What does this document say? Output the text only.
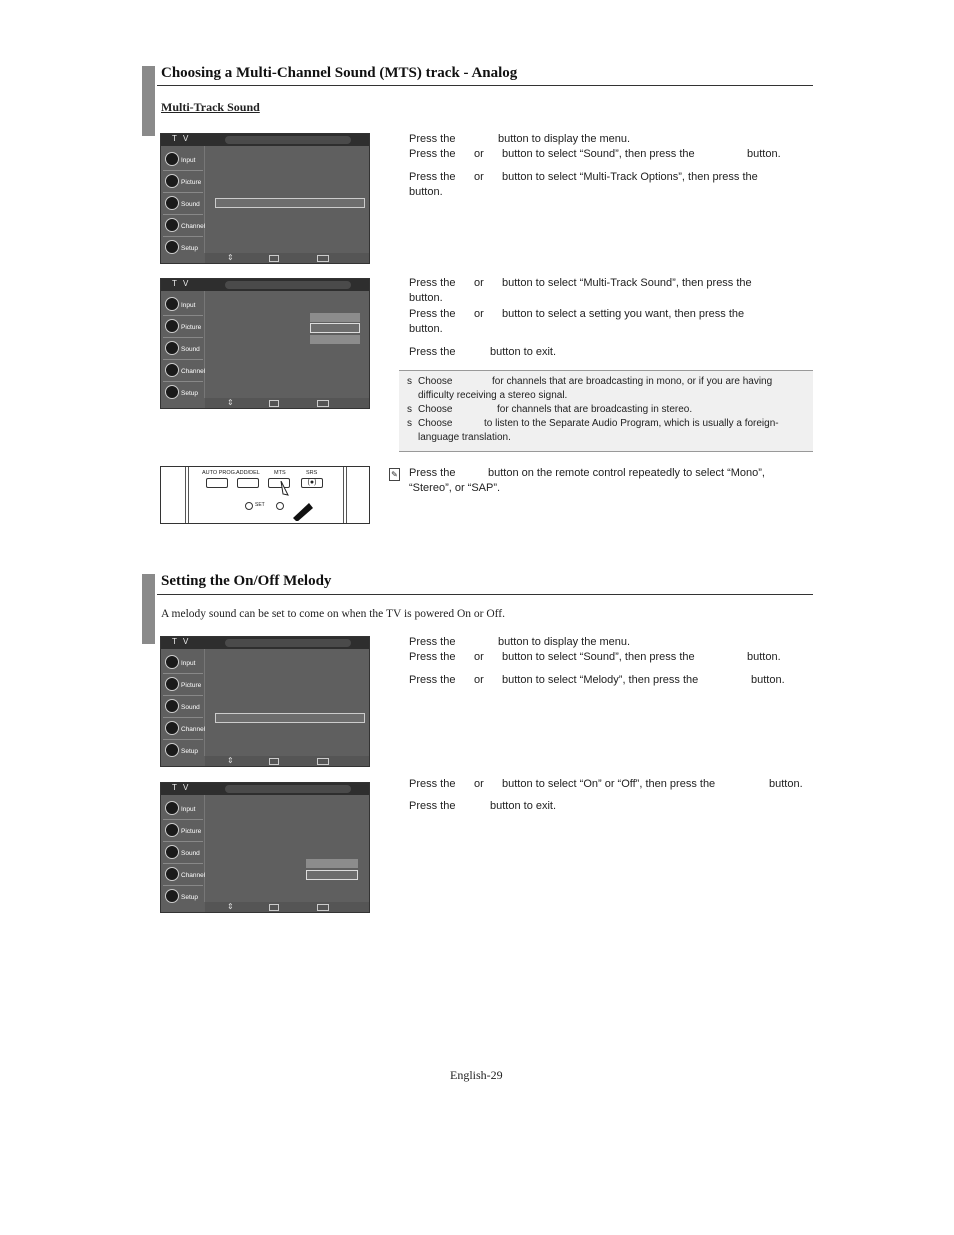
Choosing a Multi-Channel Sound (MTS) track - Analog
Multi-Track Sound
T V
Input
Picture
Sound
Channel
Setup
⇕
Press the	button to display the menu.
Press the or button to select “Sound”, then press the	button.
Press the or button to select “Multi-Track Options”, then press the
button.
T V
Input
Picture
Sound
Channel
Setup
⇕
Press the or button to select “Multi-Track Sound”, then press the
button.
Press the or button to select a setting you want, then press the
button.
Press the	button to exit.
s Choose	for channels that are broadcasting in mono, or if you are having
difficulty receiving a stereo signal.
s Choose	for channels that are broadcasting in stereo.
s Choose	to listen to the Separate Audio Program, which is usually a foreign-
language translation.
AUTO PROG. ADD/DEL	MTS	SRS
(●)
SET
✎ Press the	button on the remote control repeatedly to select “Mono”,
“Stereo”, or “SAP”.
Setting the On/Off Melody
A melody sound can be set to come on when the TV is powered On or Off.
T V
Input
Picture
Sound
Channel
Setup
⇕
Press the	button to display the menu.
Press the or button to select “Sound”, then press the	button.
Press the or button to select “Melody”, then press the	button.
T V
Input
Picture
Sound
Channel
Setup
⇕
Press the or button to select “On” or “Off”, then press the	button.
Press the	button to exit.
English-29
